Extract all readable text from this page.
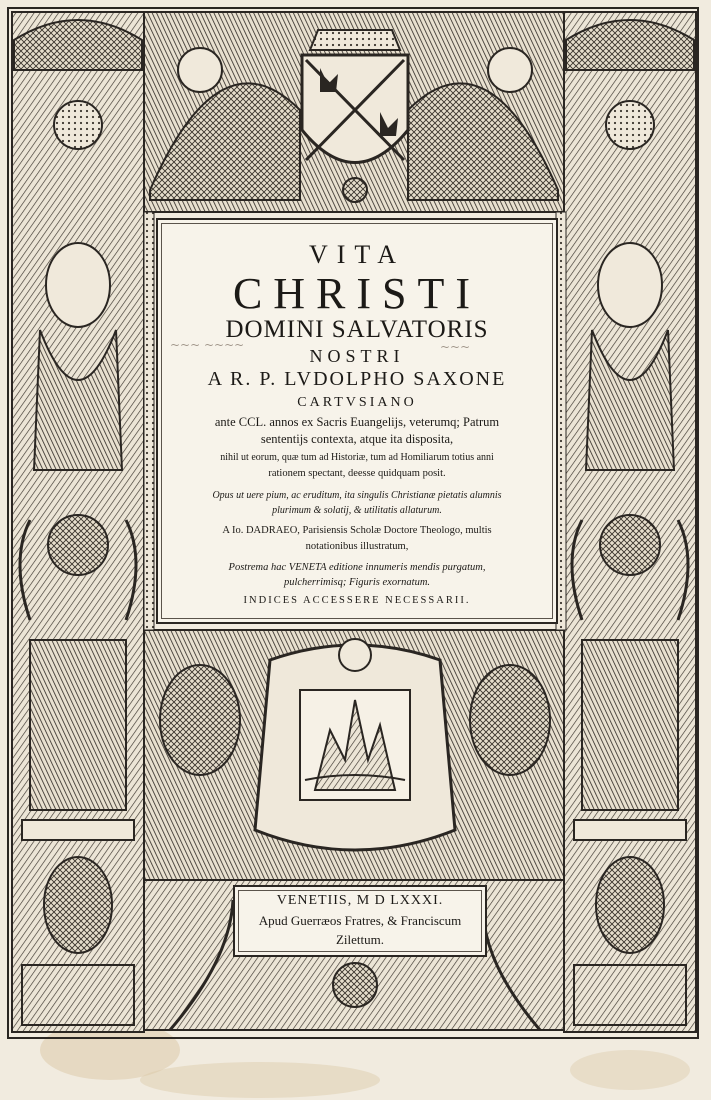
VITA
CHRISTI
DOMINI SALVATORIS
NOSTRI
A R. P. LVDOLPHO SAXONE
CARTVSIANO
ante CCL. annos ex Sacris Euangelijs, veterumq; Patrum
sententijs contexta, atque ita disposita,
nihil ut eorum, quæ tum ad Historiæ, tum ad Homiliarum totius anni
rationem spectant, deesse quidquam posit.
Opus ut uere pium, ac eruditum, ita singulis Christianæ pietatis alumnis
plurimum & solatij, & utilitatis allaturum.
A Io. DADRAEO, Parisiensis Scholæ Doctore Theologo, multis
notationibus illustratum,
Postrema hac VENETA editione innumeris mendis purgatum,
pulcherrimisq; Figuris exornatum.
INDICES ACCESSERE NECESSARII.
~~~ ~~~~	~~~
VENETIIS, M D LXXXI.
Apud Guerræos Fratres, & Franciscum
Zilettum.
